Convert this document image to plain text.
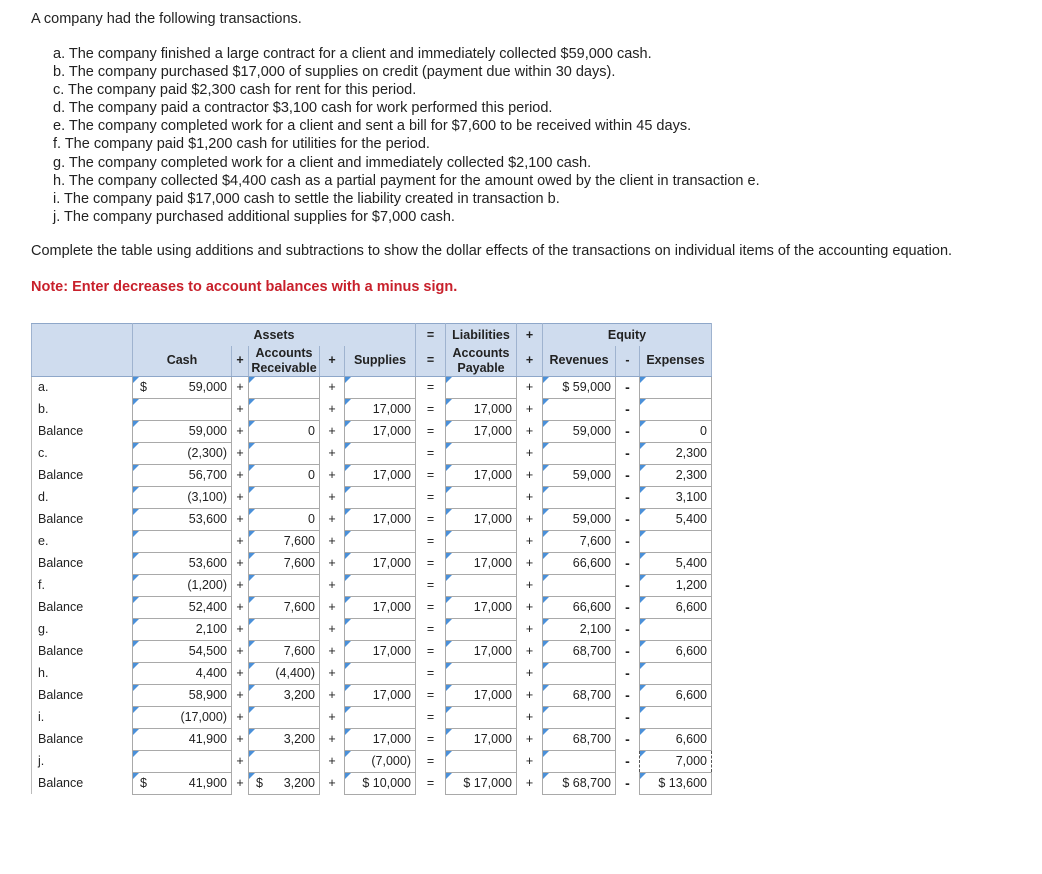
A company had the following transactions.
a. The company finished a large contract for a client and immediately collected $59,000 cash.
b. The company purchased $17,000 of supplies on credit (payment due within 30 days).
c. The company paid $2,300 cash for rent for this period.
d. The company paid a contractor $3,100 cash for work performed this period.
e. The company completed work for a client and sent a bill for $7,600 to be received within 45 days.
f. The company paid $1,200 cash for utilities for the period.
g. The company completed work for a client and immediately collected $2,100 cash.
h. The company collected $4,400 cash as a partial payment for the amount owed by the client in transaction e.
i. The company paid $17,000 cash to settle the liability created in transaction b.
j. The company purchased additional supplies for $7,000 cash.
Complete the table using additions and subtractions to show the dollar effects of the transactions on individual items of the accounting equation.
Note: Enter decreases to account balances with a minus sign.
	Assets					=	Liabilities	+	Equity		
	Cash	+	Accounts Receivable	+	Supplies	=	Accounts Payable	+	Revenues	-	Expenses
a.	$ 59,000	+		+		=		+	$ 59,000	-	
b.		+		+	17,000	=	17,000	+		-	
Balance	59,000	+	0	+	17,000	=	17,000	+	59,000	-	0
c.	(2,300)	+		+		=		+		-	2,300
Balance	56,700	+	0	+	17,000	=	17,000	+	59,000	-	2,300
d.	(3,100)	+		+		=		+		-	3,100
Balance	53,600	+	0	+	17,000	=	17,000	+	59,000	-	5,400
e.		+	7,600	+		=		+	7,600	-	
Balance	53,600	+	7,600	+	17,000	=	17,000	+	66,600	-	5,400
f.	(1,200)	+		+		=		+		-	1,200
Balance	52,400	+	7,600	+	17,000	=	17,000	+	66,600	-	6,600
g.	2,100	+		+		=		+	2,100	-	
Balance	54,500	+	7,600	+	17,000	=	17,000	+	68,700	-	6,600
h.	4,400	+	(4,400)	+		=		+		-	
Balance	58,900	+	3,200	+	17,000	=	17,000	+	68,700	-	6,600
i.	(17,000)	+		+		=		+		-	
Balance	41,900	+	3,200	+	17,000	=	17,000	+	68,700	-	6,600
j.		+		+	(7,000)	=		+		-	7,000
Balance	$ 41,900	+	$ 3,200	+	$ 10,000	=	$ 17,000	+	$ 68,700	-	$ 13,600
